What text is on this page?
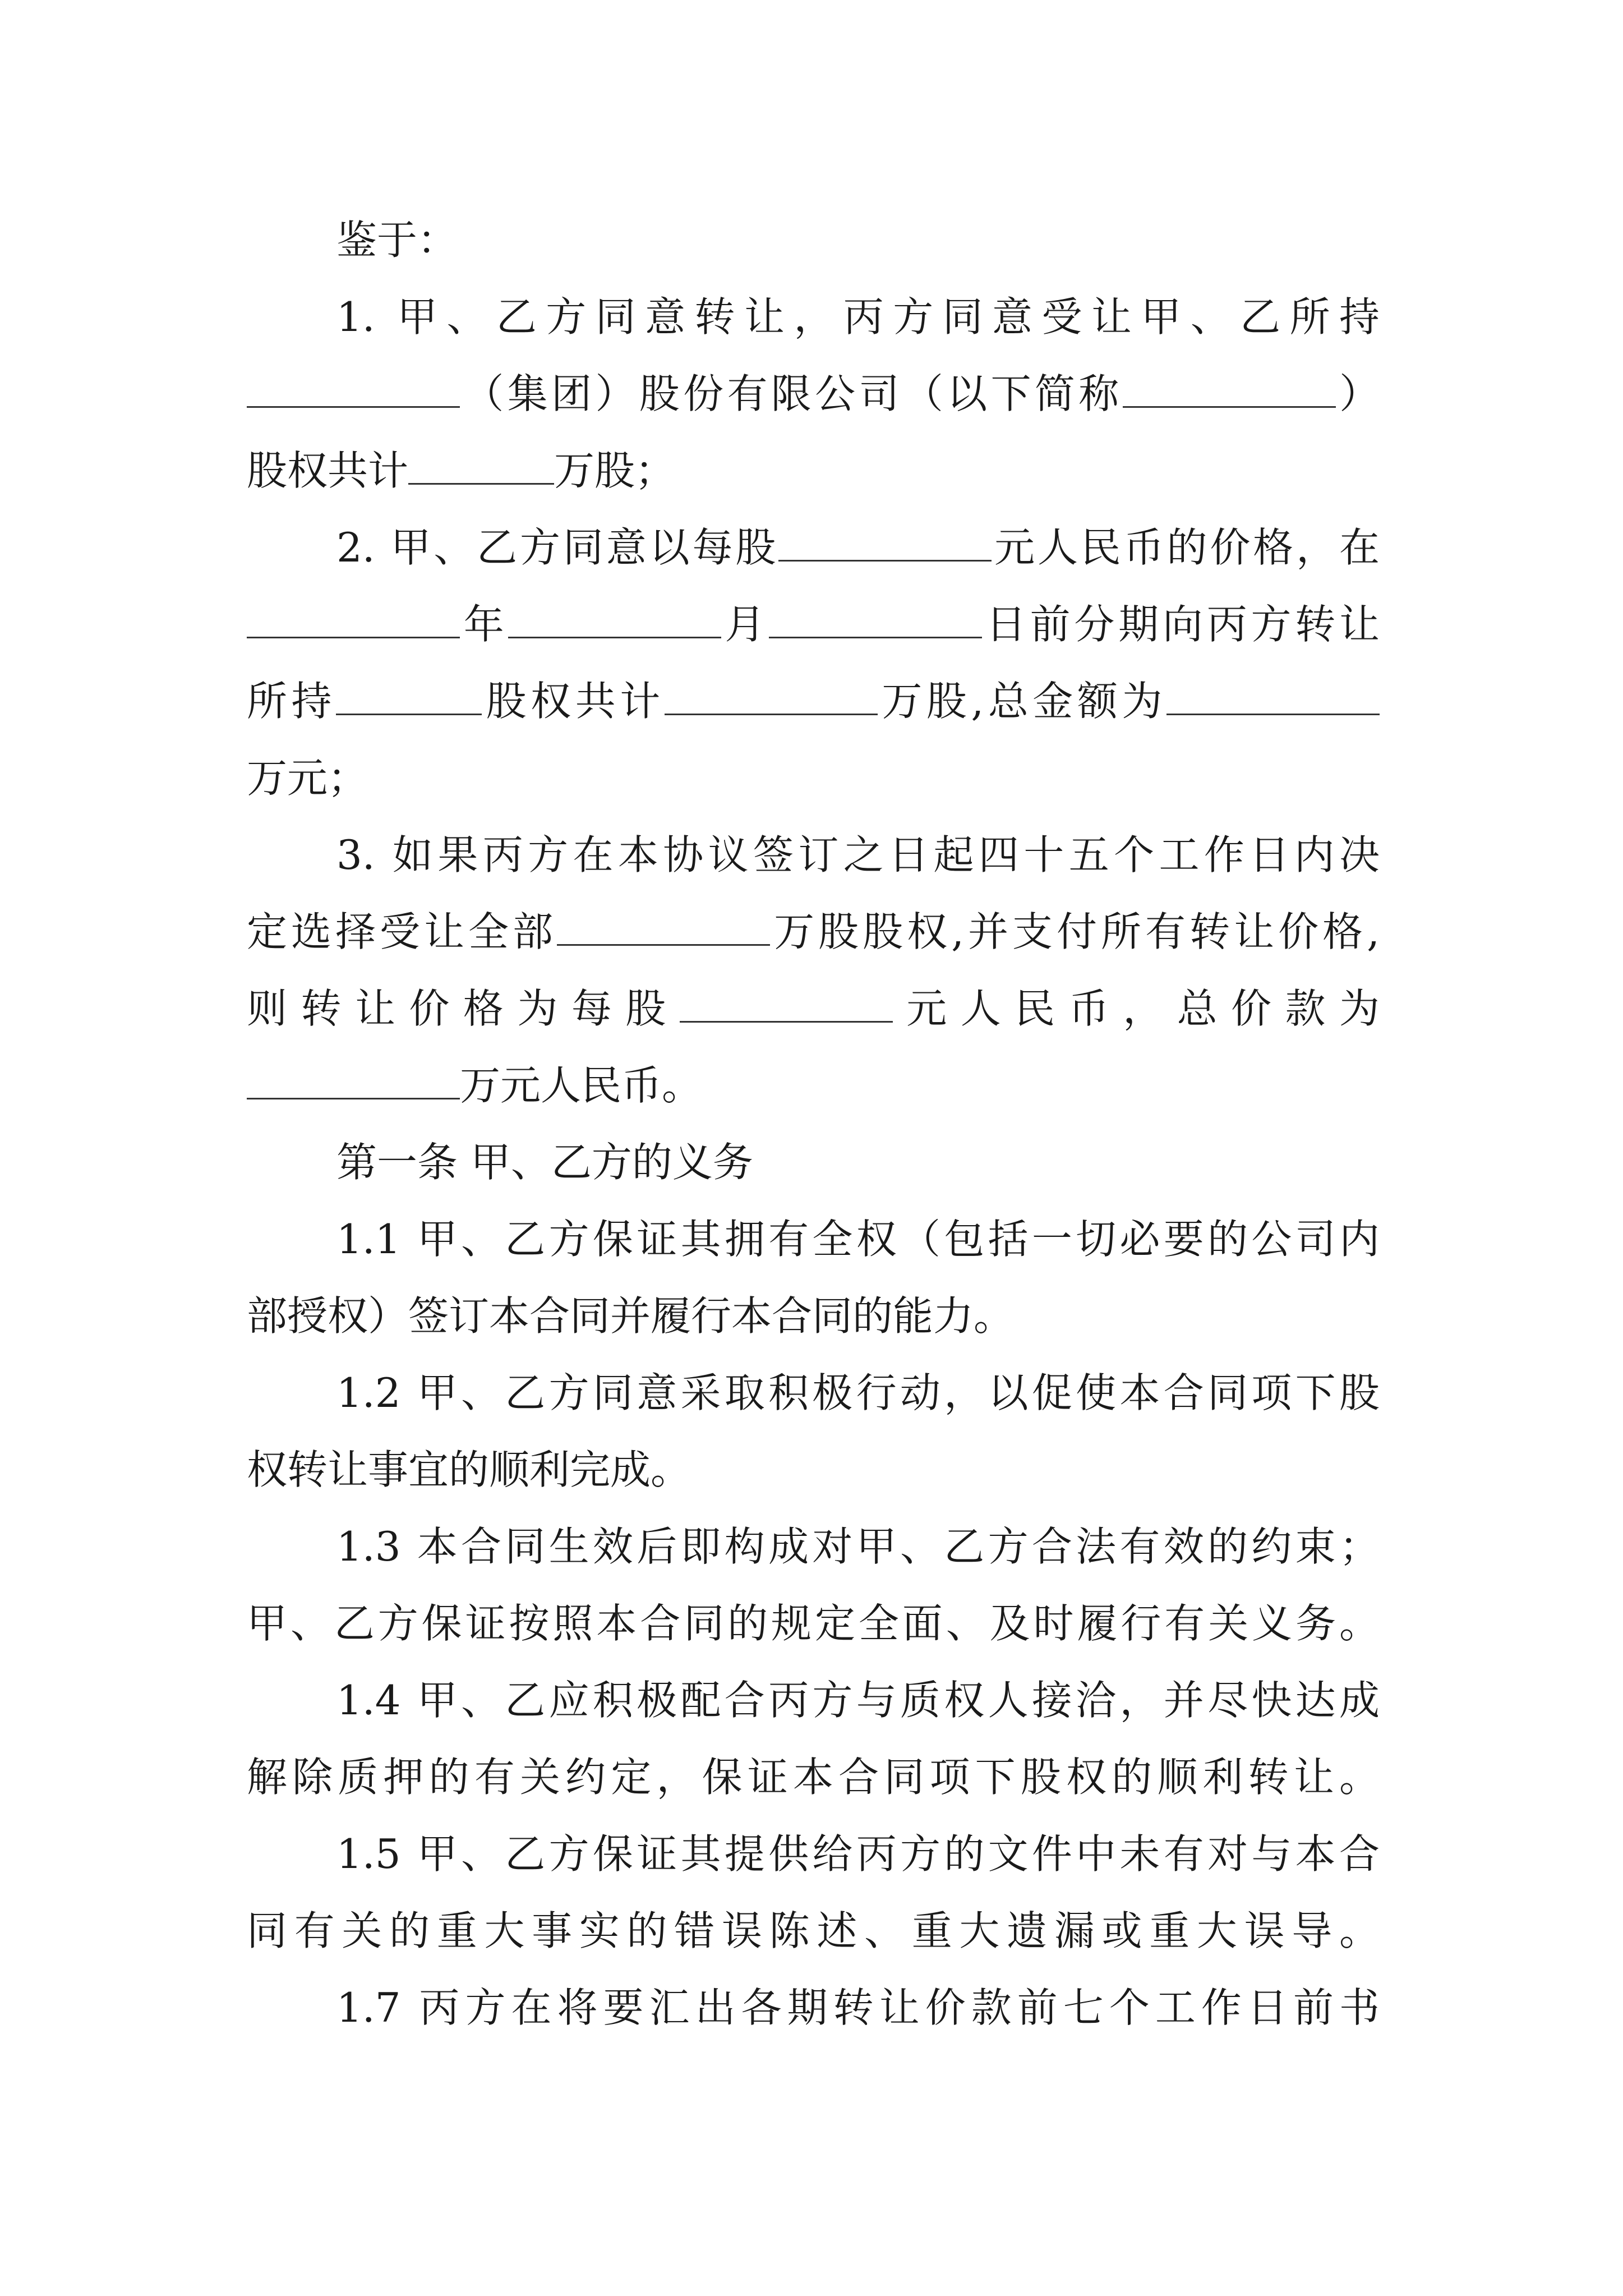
鉴于：
1. 甲、乙方同意转让，丙方同意受让甲、乙所持
（集团）股份有限公司（以下简称	）
股权共计	万股；
2. 甲、乙方同意以每股	元人民币的价格，在
年	月	日前分期向丙方转让
所持	股权共计	万股,总金额为
万元；
3. 如果丙方在本协议签订之日起四十五个工作日内决
定选择受让全部	万股股权,并支付所有转让价格,
则转让价格为每股	元人民币，总价款为
万元人民币。
第一条 甲、乙方的义务
1.1 甲、乙方保证其拥有全权（包括一切必要的公司内
部授权）签订本合同并履行本合同的能力。
1.2 甲、乙方同意采取积极行动，以促使本合同项下股
权转让事宜的顺利完成。
1.3 本合同生效后即构成对甲、乙方合法有效的约束；
甲、乙方保证按照本合同的规定全面、及时履行有关义务。
1.4 甲、乙应积极配合丙方与质权人接洽，并尽快达成
解除质押的有关约定，保证本合同项下股权的顺利转让。
1.5 甲、乙方保证其提供给丙方的文件中未有对与本合
同有关的重大事实的错误陈述、重大遗漏或重大误导。
1.7 丙方在将要汇出各期转让价款前七个工作日前书
